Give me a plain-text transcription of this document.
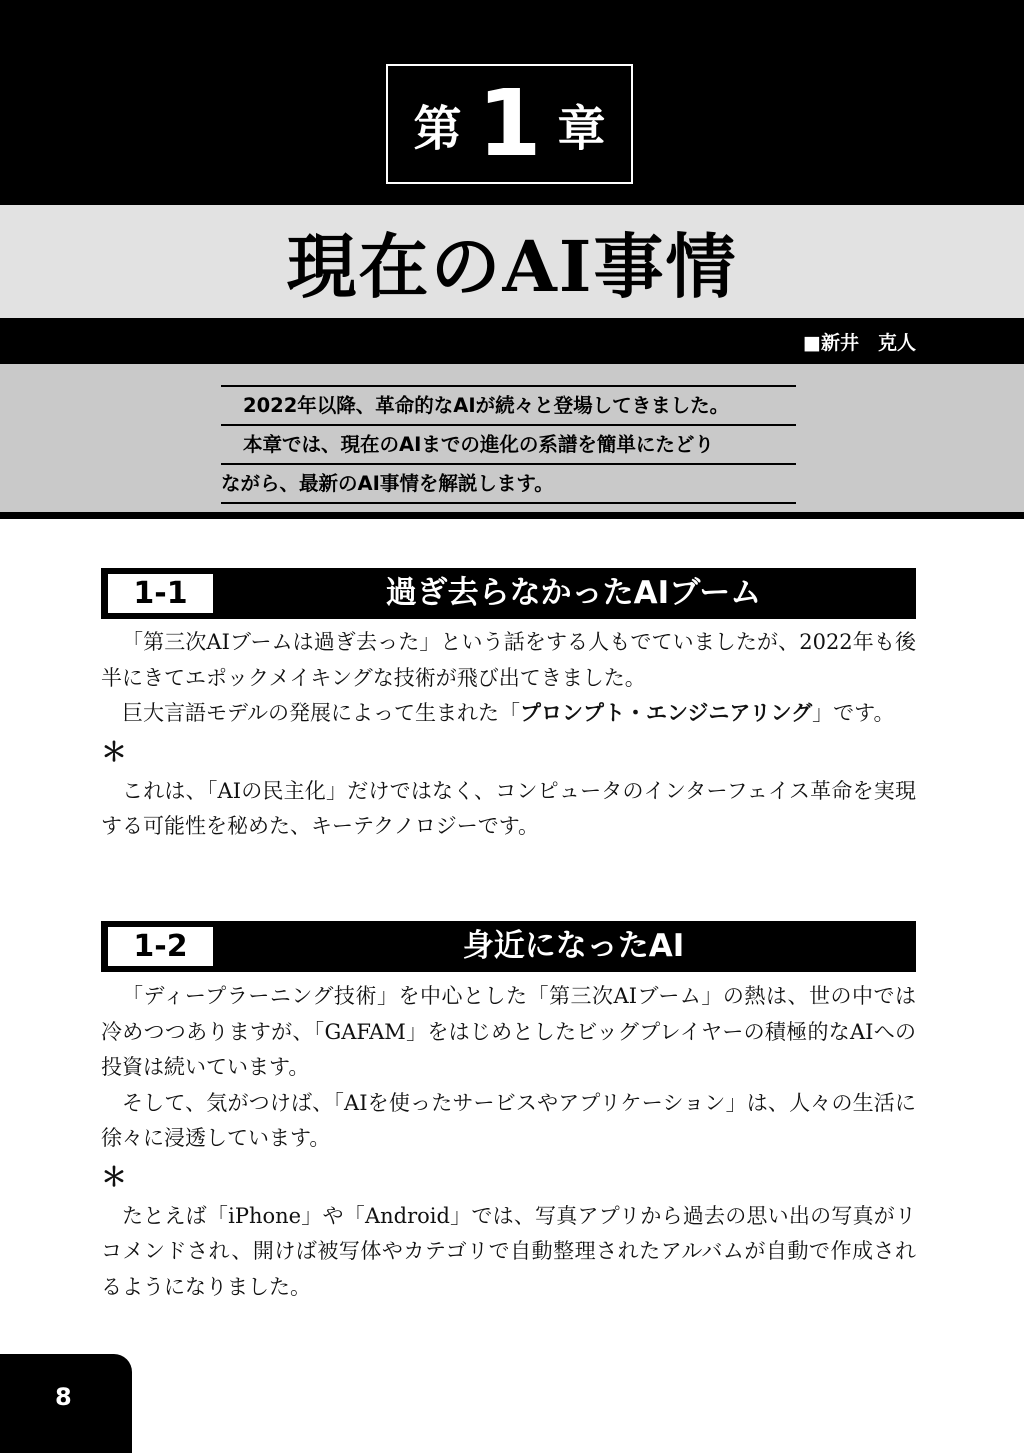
第 1 章
現在のAI事情
■新井　克人
2022年以降、革命的なAIが続々と登場してきました。
本章では、現在のAIまでの進化の系譜を簡単にたどり
ながら、最新のAI事情を解説します。
1-1	過ぎ去らなかったAIブーム

「第三次AIブームは過ぎ去った」という話をする人もでていましたが、2022年も後半にきてエポックメイキングな技術が飛び出てきました。

巨大言語モデルの発展によって生まれた「プロンプト・エンジニアリング」です。

＊

これは、「AIの民主化」だけではなく、コンピュータのインターフェイス革命を実現する可能性を秘めた、キーテクノロジーです。

1-2	身近になったAI

「ディープラーニング技術」を中心とした「第三次AIブーム」の熱は、世の中では冷めつつありますが、「GAFAM」をはじめとしたビッグプレイヤーの積極的なAIへの投資は続いています。

そして、気がつけば、「AIを使ったサービスやアプリケーション」は、人々の生活に徐々に浸透しています。

＊

たとえば「iPhone」や「Android」では、写真アプリから過去の思い出の写真がリコメンドされ、開けば被写体やカテゴリで自動整理されたアルバムが自動で作成されるようになりました。

8
